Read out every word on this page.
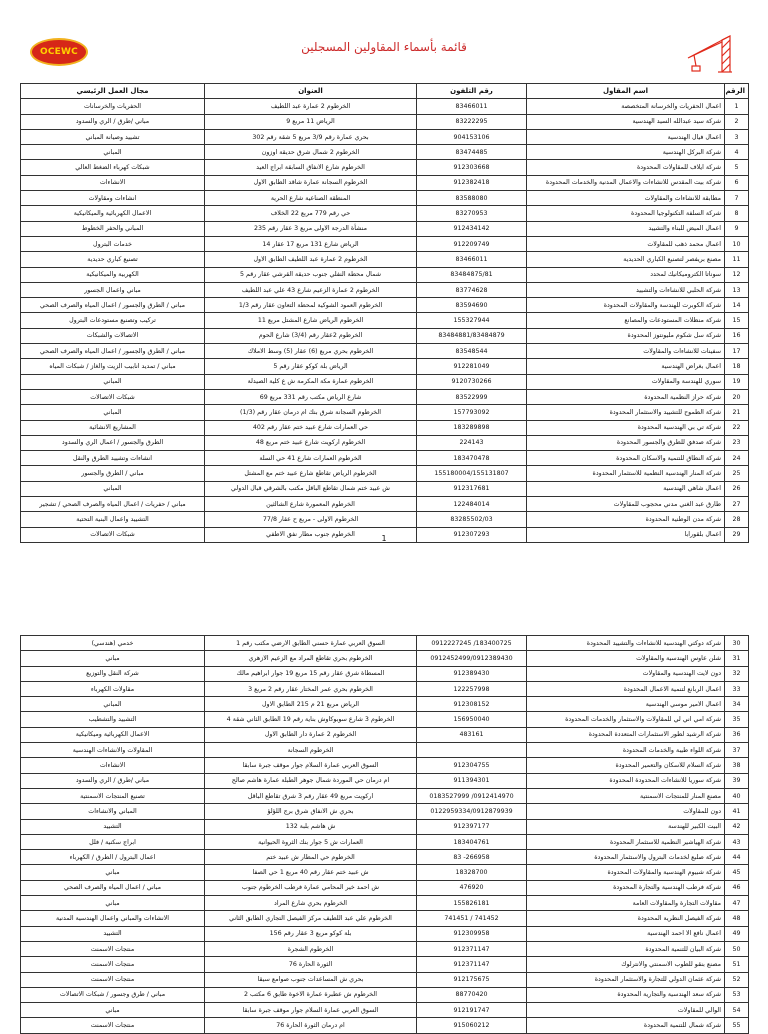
OCEWC	قائمة بأسماء المقاولين المسجلين
الرقم	اسم المقاول	رقم التلفون	العنوان	مجال العمل الرئيسي
1	اعمال الحفريات والخرسانة المتخصصة	83466011	الخرطوم 2 عمارة عبد اللطيف	الحفريات والخرسانات
2	شركة سيد عبدالله السيد الهندسية	83222295	الرياض 11 مربع 9	مباني /طرق / الري والسدود
3	اعمال فيال الهندسية	904153106	بحري عمارة رقم 3/9 مربع 5 شقة رقم 302	تشييد وصيانة المباني
4	شركة البركل الهندسية	83474485	الخرطوم 2 شمال شرق حديقة اوزون	المباني
5	شركة ايلاف للمقاولات المحدودة	912303668	الخرطوم شارع الانفاق السابقة ابراج العيد	شبكات كهرباء الضغط العالي
6	شركة بيت المقدس للانشاءات والاعمال المدنية والخدمات المحدودة	912382418	الخرطوم السجانة عمارة شاقد الطابق الاول	الانشاءات
7	مطابقة للانشاءات والمقاولات	83588080	المنطقة الصناعية شارع الحرية	انشاءات ومقاولات
8	شركة السلفة التكنولوجيا المحدودة	83270953	حي رقم 779 مربع 22 الخلاف	الاعمال الكهربائية والميكانيكية
9	اعمال الميض للبناء والتشييد	912434142	منشأة الدرجة الاولى مربع 3 عقار رقم 235	المباني والحفر الخطوط
10	اعمال محمد ذهب للمقاولات	912209749	الرياض شارع 131 مربع 17 عقار 14	خدمات البترول
11	مصنع بريفصر لتصنيع الكباري الحديدية	83466011	الخرطوم 2 عمارة عبد اللطيف الطابق الاول	تصنيع كباري حديدية
12	سوناتا الكتروميكانيك لمحدد	83484875/81	شمال محطة النفلي جنوب حديقة القرشي عقار رقم 5	الكهربية والميكانيكية
13	شركة الحلبي للانشاءات والتشييد	83774628	الخرطوم 2 عمارة الزعيم شارع 43 علي عبد اللطيف	مباني واعمال الجسور
14	شركة الكوبرت للهندسة والمقاولات المحدودة	83594690	الخرطوم العمود الشوكية لمحطة التعاون عقار رقم 1/3	مباني / الطرق والجسور / اعمال المياه والصرف الصحي
15	شركة منظلات المستودعات والمصانع	155327944	الخرطوم الرياض شارع المشتل مربع 11	تركيب وتصنيع مستودعات البترول
16	شركة سل شكوم مليونتوز المحدودة	83484881/83484879	الخرطوم 2عقار رقم (3/4) شارع الحوم	الاتصالات والشبكات
17	سفينات للانشاءات والمقاولات	83548544	الخرطوم بحري مربع (6) عقار (5) وسط الاملاك	مباني / الطرق والجسور / اعمال المياه والصرف الصحي
18	اعمال بغراض الهندسية	912281049	الرياض بلة كوكو عقار رقم 5	مباني / تمديد انابيب الزيت والغاز / شبكات المياه
19	سوري للهندسة والمقاولات	9120730266	الخرطوم عمارة مكة المكرمة ش ع كلية الصيدلة	المباني
20	شركة حراز النظمية المحدودة	83522999	شارع الرياض مكتب رقم 331 مربع 69	شبكات الاتصالات
21	شركة الطموح للتشييد والاستثمار المحدودة	157793092	الخرطوم السجانة شرق بنك ام درمان عقار رقم (1/3)	المباني
22	شركة تي بي الهندسية المحدودة	183289898	حي العمارات شارع عبيد ختم عقار رقم 402	المشاريع الانشائية
23	شركة صدفق للطرق والجسور المحدودة	224143	الخرطوم اركويت شارع عبيد ختم مربع 48	الطرق والجسور / اعمال الري والسدود
24	شركة النطاق للتنمية والاسكان المحدودة	183470478	الخرطوم العمارات شارع 41 حي السلة	انشاءات وتشييد الطرق والنقل
25	شركة المنار الهندسية النظمية للاستثمار المحدودة	155180004/155131807	الخرطوم الرياض تقاطع شارع عبيد ختم مع المشتل	مباني / الطرق والجسور
26	اعمال شاهي الهندسية	912317681	ش عبيد ختم شمال تقاطع الباقل مكتب بالشرقي قبال الدولي	المباني
27	طارق عبد الغني مدني محجوب للمقاولات	122484014	الخرطوم المعمورة شارع الشالثين	مباني / حفريات / اعمال المياه والصرف الصحي / تشجير
28	شركة مدن الوطنية المحدودة	83285502/03	الخرطوم الاولى - مربع ح عقار 77/8	التشييد واعمال البنية التحتية
29	اعمال بلقورابا	912307293	الخرطوم جنوب مطار نفق الاطفي	شبكات الاتصالات	1
30	شركة دوكتي الهندسية للانشاءات والتشييد المحدودة	0912227245 /183400725	السوق العربي عمارة حسني الطابق الارضي مكتب رقم 1	خدمي (هندسي)
31	شلن عاوس الهندسية والمقاولات	0912452499/0912389430	الخرطوم بحري تقاطع المراد مع الزعيم الازهري	مباني
32	دون لايت الهندسية والمقاولات	912389430	المسطاة شرق عقار رقم 15 مربع 19 جوار ابراهيم مالك	شركة النقل والتوزيع
33	اعمال الربانع لتنمية الاعمال المحدودة	122257998	الخرطوم بحري عمر المختار عقار رقم 2 مربع 3	مقاولات الكهرباء
34	اعمال الامير موسي الهندسية	912308152	الرياض مربع 21 م 215 الطابق الاول	المباني
35	شركة امي اني لي للمقاولات والاستثمار والخدمات المحدودة	156950040	الخرطوم 3 شارع سوبوكاوش بناية رقم 19 الطابق الثاني شقة 4	التشييد والتشطيب
36	شركة الرشيد لطور الاستثمارات المتعددة المحدودة	483161	الخرطوم 2 عمارة دار الطابق الاول	الاعمال الكهربائية وميكانيكية
37	شركة اللواء طيبة والخدمات المحدودة		الخرطوم السجانة	المقاولات والانشاءات الهندسية
38	شركة السلام للاسكان والتعمير المحدودة	912304755	السوق العربي عمارة السلام جوار موقف جبرة سابقا	الانشاءات
39	شركة سوريا للانشاءات المحدودة المحدودة	911394301	ام درمان حي الموردة شمال جوهر الطبلة عمارة هاشم صالح	مباني /طرق / الري والسدود
40	مصنع المنار للمنتجات الاسمنتية	0183527999 /0912414970	اركويت مربع 49 عقار رقم 3 شرق تقاطع الباقل	تصنيع المنتجات الاسمنتية
41	دون للمقاولات	0122959334/0912879939	بحري ش الانفاق شرق برج اللؤلؤ	المباني والانشاءات
42	البيت الكبير للهندسة	912397177	ش هاشم بلبة 132	التشييد
43	شركة الهياشير النظمية للاستثمار المحدودة	183404761	العمارات ش 5 جوار بنك الثروة الحيوانية	ابراج سكنية / فلل
44	شركة صلبع لخدمات البترول والاستثمار المحدودة	83 -266958	الخرطوم حي المطار ش عبيد ختم	اعمال البترول / الطرق / الكهرباء
45	شركة شبيوم الهندسية والمقاولات المحدودة	18328700	ش عبيد ختم عقار رقم 40 مربع 1 حي الصفا	مباني
46	شركة فرطب الهندسية والتجارة المحدودة	476920	ش احمد خير المحامي عمارة فرطب الخرطوم جنوب	مباني / اعمال المياه والصرف الصحي
47	مقاولات التجارة والمقاولات العامة	155826181	الخرطوم بحري شارع المراد	مباني
48	شركة الفيصل النظرية المحدودة	741451 / 741452	الخرطوم علي عبد اللطيف مركز الفيصل التجاري الطابق الثاني	الانشاءات والمباني واعمال الهندسية المدنية
49	اعمال نافع الا احمد الهندسية	912309958	بلة كوكو مربع 3 عقار رقم 156	التشييد
50	شركة البيان للتنمية المحدودة	912371147	الخرطوم الشجرة	منتجات الاسمنت
51	مصنع بنقو للطوب الاسمنتي والانترلوك	912371147	الثورة الحارة 76	منتجات الاسمنت
52	شركة عثمان الدولي للتجارة والاستثمار المحدودة	912175675	بحري ش المساعدات جنوب صوامع سيقا	منتجات الاسمنت
53	شركة سعد الهندسية والتجارية المحدودة	88770420	الخرطوم ش عطبرة عمارة الاخوة طابق 6 مكتب 2	مباني / طرق وجسور / شبكات الاتصالات
54	الوالي للمقاولات	912191747	السوق العربي عمارة السلام جوار موقف جبرة سابقا	مباني
55	شركة شمال للتنمية المحدودة	915060212	ام درمان الثورة الحارة 76	منتجات الاسمنت
